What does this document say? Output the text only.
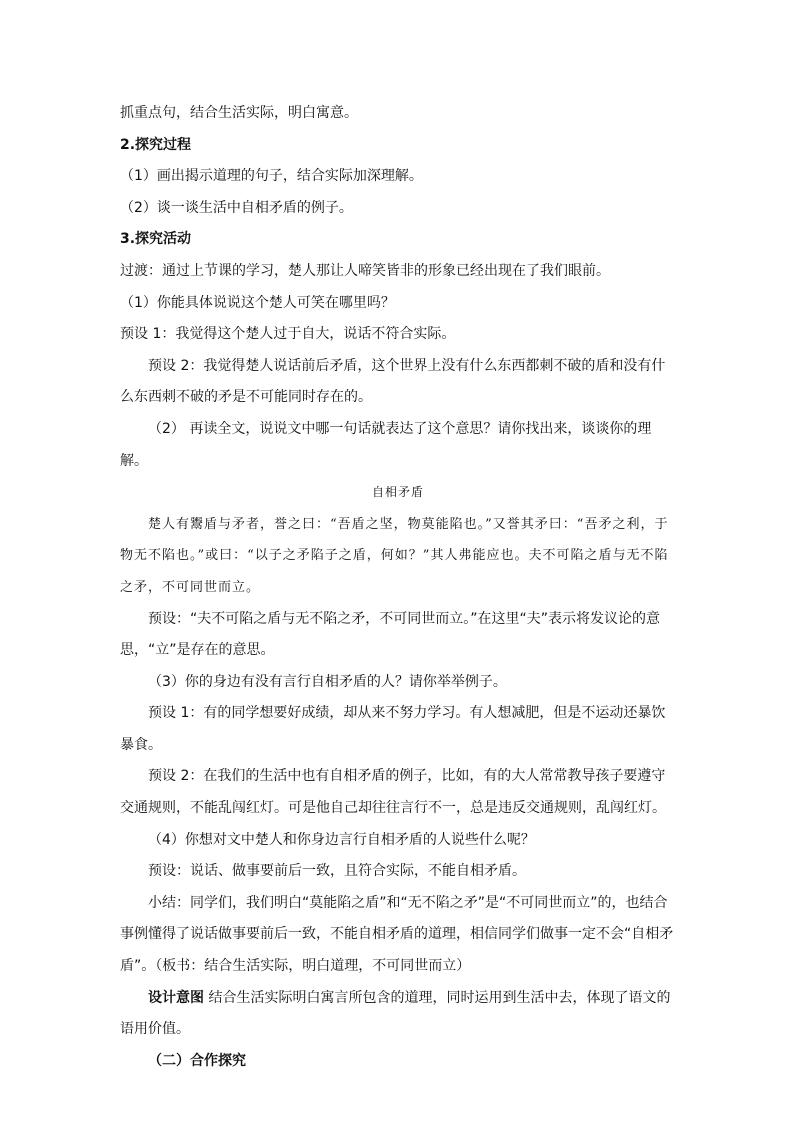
抓重点句，结合生活实际，明白寓意。

2.探究过程

（1）画出揭示道理的句子，结合实际加深理解。

（2）谈一谈生活中自相矛盾的例子。

3.探究活动

过渡：通过上节课的学习，楚人那让人啼笑皆非的形象已经出现在了我们眼前。

（1）你能具体说说这个楚人可笑在哪里吗？

预设 1：我觉得这个楚人过于自大，说话不符合实际。

预设 2：我觉得楚人说话前后矛盾，这个世界上没有什么东西都刺不破的盾和没有什么东西刺不破的矛是不可能同时存在的。

（2） 再读全文，说说文中哪一句话就表达了这个意思？请你找出来，谈谈你的理解。

自相矛盾

楚人有鬻盾与矛者，誉之曰：“吾盾之坚，物莫能陷也。”又誉其矛曰：“吾矛之利，于物无不陷也。”或曰：“以子之矛陷子之盾，何如？”其人弗能应也。夫不可陷之盾与无不陷之矛，不可同世而立。

预设：“夫不可陷之盾与无不陷之矛，不可同世而立。”在这里“夫”表示将发议论的意思，“立”是存在的意思。

（3）你的身边有没有言行自相矛盾的人？请你举举例子。

预设 1：有的同学想要好成绩，却从来不努力学习。有人想减肥，但是不运动还暴饮暴食。

预设 2：在我们的生活中也有自相矛盾的例子，比如，有的大人常常教导孩子要遵守交通规则，不能乱闯红灯。可是他自己却往往言行不一，总是违反交通规则，乱闯红灯。

（4）你想对文中楚人和你身边言行自相矛盾的人说些什么呢？

预设：说话、做事要前后一致，且符合实际，不能自相矛盾。

小结：同学们，我们明白“莫能陷之盾”和“无不陷之矛”是“不可同世而立”的，也结合事例懂得了说话做事要前后一致，不能自相矛盾的道理，相信同学们做事一定不会“自相矛盾”。（板书：结合生活实际，明白道理，不可同世而立）

设计意图 结合生活实际明白寓言所包含的道理，同时运用到生活中去，体现了语文的语用价值。

（二）合作探究
